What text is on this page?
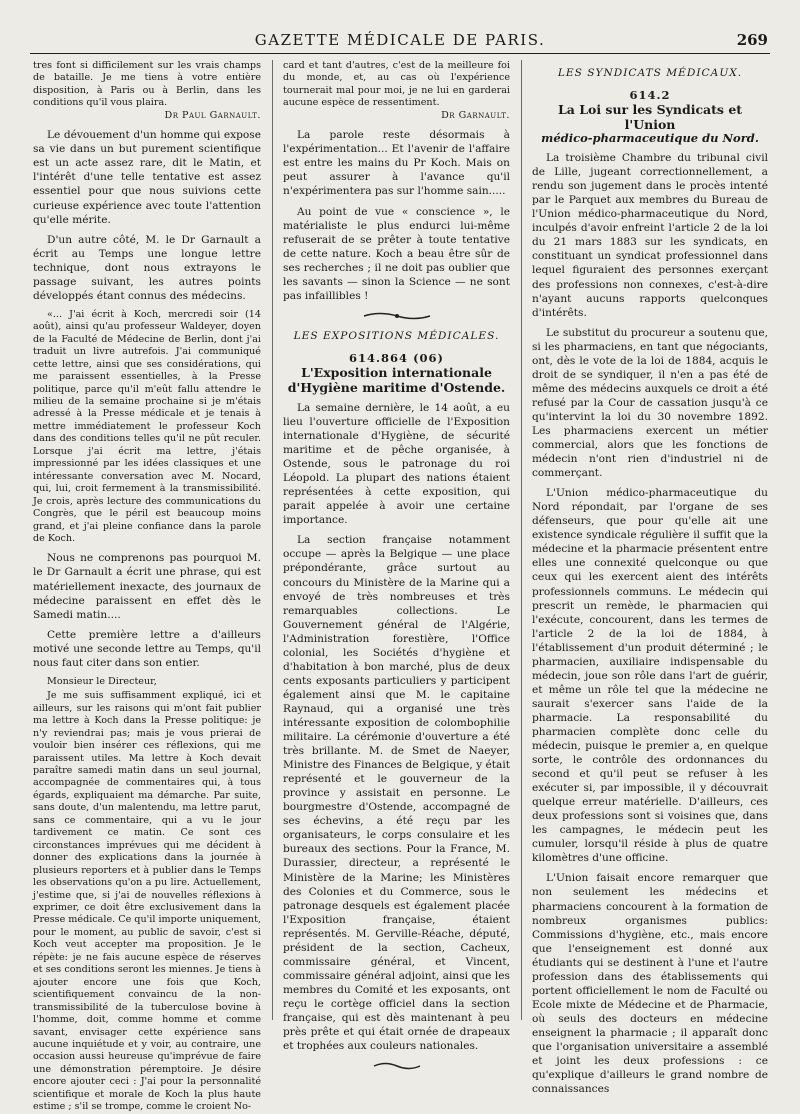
GAZETTE MÉDICALE DE PARIS.	269

tres font si difficilement sur les vrais champs de bataille. Je me tiens à votre entière disposition, à Paris ou à Berlin, dans les conditions qu'il vous plaira.

Dr Paul Garnault.

Le dévouement d'un homme qui expose sa vie dans un but purement scientifique est un acte assez rare, dit le Matin, et l'intérêt d'une telle tentative est assez essentiel pour que nous suivions cette curieuse expérience avec toute l'attention qu'elle mérite.

D'un autre côté, M. le Dr Garnault a écrit au Temps une longue lettre technique, dont nous extrayons le passage suivant, les autres points développés étant connus des médecins.

«... J'ai écrit à Koch, mercredi soir (14 août), ainsi qu'au professeur Waldeyer, doyen de la Faculté de Médecine de Berlin, dont j'ai traduit un livre autrefois. J'ai communiqué cette lettre, ainsi que ses considérations, qui me paraissent essentielles, à la Presse politique, parce qu'il m'eût fallu attendre le milieu de la semaine prochaine si je m'étais adressé à la Presse médicale et je tenais à mettre immédiatement le professeur Koch dans des conditions telles qu'il ne pût reculer. Lorsque j'ai écrit ma lettre, j'étais impressionné par les idées classiques et une intéressante conversation avec M. Nocard, qui, lui, croit fermement à la transmissibilité. Je crois, après lecture des communications du Congrès, que le péril est beaucoup moins grand, et j'ai pleine confiance dans la parole de Koch.

Nous ne comprenons pas pourquoi M. le Dr Garnault a écrit une phrase, qui est matériellement inexacte, des journaux de médecine paraissent en effet dès le Samedi matin....

Cette première lettre a d'ailleurs motivé une seconde lettre au Temps, qu'il nous faut citer dans son entier.

Monsieur le Directeur,

Je me suis suffisamment expliqué, ici et ailleurs, sur les raisons qui m'ont fait publier ma lettre à Koch dans la Presse politique: je n'y reviendrai pas; mais je vous prierai de vouloir bien insérer ces réflexions, qui me paraissent utiles. Ma lettre à Koch devait paraître samedi matin dans un seul journal, accompagnée de commentaires qui, à tous égards, expliquaient ma démarche. Par suite, sans doute, d'un malentendu, ma lettre parut, sans ce commentaire, qui a vu le jour tardivement ce matin. Ce sont ces circonstances imprévues qui me décident à donner des explications dans la journée à plusieurs reporters et à publier dans le Temps les observations qu'on a pu lire. Actuellement, j'estime que, si j'ai de nouvelles réflexions à exprimer, ce doit être exclusivement dans la Presse médicale. Ce qu'il importe uniquement, pour le moment, au public de savoir, c'est si Koch veut accepter ma proposition. Je le répète: je ne fais aucune espèce de réserves et ses conditions seront les miennes. Je tiens à ajouter encore une fois que Koch, scientifiquement convaincu de la non-transmissibilité de la tuberculose bovine à l'homme, doit, comme homme et comme savant, envisager cette expérience sans aucune inquiétude et y voir, au contraire, une occasion aussi heureuse qu'imprévue de faire une démonstration péremptoire. Je désire encore ajouter ceci : J'ai pour la personnalité scientifique et morale de Koch la plus haute estime ; s'il se trompe, comme le croient No-

card et tant d'autres, c'est de la meilleure foi du monde, et, au cas où l'expérience tournerait mal pour moi, je ne lui en garderai aucune espèce de ressentiment.

Dr Garnault.

La parole reste désormais à l'expérimentation... Et l'avenir de l'affaire est entre les mains du Pr Koch. Mais on peut assurer à l'avance qu'il n'expérimentera pas sur l'homme sain.....

Au point de vue « conscience », le matérialiste le plus endurci lui-même refuserait de se prêter à toute tentative de cette nature. Koch a beau être sûr de ses recherches ; il ne doit pas oublier que les savants — sinon la Science — ne sont pas infaillibles !

LES EXPOSITIONS MÉDICALES.
614.864 (06)
L'Exposition internationale d'Hygiène maritime d'Ostende.

La semaine dernière, le 14 août, a eu lieu l'ouverture officielle de l'Exposition internationale d'Hygiène, de sécurité maritime et de pêche organisée, à Ostende, sous le patronage du roi Léopold. La plupart des nations étaient représentées à cette exposition, qui parait appelée à avoir une certaine importance.

La section française notamment occupe — après la Belgique — une place prépondérante, grâce surtout au concours du Ministère de la Marine qui a envoyé de très nombreuses et très remarquables collections. Le Gouvernement général de l'Algérie, l'Administration forestière, l'Office colonial, les Sociétés d'hygiène et d'habitation à bon marché, plus de deux cents exposants particuliers y participent également ainsi que M. le capitaine Raynaud, qui a organisé une très intéressante exposition de colombophilie militaire. La cérémonie d'ouverture a été très brillante. M. de Smet de Naeyer, Ministre des Finances de Belgique, y était représenté et le gouverneur de la province y assistait en personne. Le bourgmestre d'Ostende, accompagné de ses échevins, a été reçu par les organisateurs, le corps consulaire et les bureaux des sections. Pour la France, M. Durassier, directeur, a représenté le Ministère de la Marine; les Ministères des Colonies et du Commerce, sous le patronage desquels est également placée l'Exposition française, étaient représentés. M. Gerville-Réache, député, président de la section, Cacheux, commissaire général, et Vincent, commissaire général adjoint, ainsi que les membres du Comité et les exposants, ont reçu le cortège officiel dans la section française, qui est dès maintenant à peu près prête et qui était ornée de drapeaux et trophées aux couleurs nationales.

LES SYNDICATS MÉDICAUX.
614.2
La Loi sur les Syndicats et l'Union
médico-pharmaceutique du Nord.

La troisième Chambre du tribunal civil de Lille, jugeant correctionnellement, a rendu son jugement dans le procès intenté par le Parquet aux membres du Bureau de l'Union médico-pharmaceutique du Nord, inculpés d'avoir enfreint l'article 2 de la loi du 21 mars 1883 sur les syndicats, en constituant un syndicat professionnel dans lequel figuraient des personnes exerçant des professions non connexes, c'est-à-dire n'ayant aucuns rapports quelconques d'intérêts.

Le substitut du procureur a soutenu que, si les pharmaciens, en tant que négociants, ont, dès le vote de la loi de 1884, acquis le droit de se syndiquer, il n'en a pas été de même des médecins auxquels ce droit a été refusé par la Cour de cassation jusqu'à ce qu'intervint la loi du 30 novembre 1892. Les pharmaciens exercent un métier commercial, alors que les fonctions de médecin n'ont rien d'industriel ni de commerçant.

L'Union médico-pharmaceutique du Nord répondait, par l'organe de ses défenseurs, que pour qu'elle ait une existence syndicale régulière il suffit que la médecine et la pharmacie présentent entre elles une connexité quelconque ou que ceux qui les exercent aient des intérêts professionnels communs. Le médecin qui prescrit un remède, le pharmacien qui l'exécute, concourent, dans les termes de l'article 2 de la loi de 1884, à l'établissement d'un produit déterminé ; le pharmacien, auxiliaire indispensable du médecin, joue son rôle dans l'art de guérir, et même un rôle tel que la médecine ne saurait s'exercer sans l'aide de la pharmacie. La responsabilité du pharmacien complète donc celle du médecin, puisque le premier a, en quelque sorte, le contrôle des ordonnances du second et qu'il peut se refuser à les exécuter si, par impossible, il y découvrait quelque erreur matérielle. D'ailleurs, ces deux professions sont si voisines que, dans les campagnes, le médecin peut les cumuler, lorsqu'il réside à plus de quatre kilomètres d'une officine.

L'Union faisait encore remarquer que non seulement les médecins et pharmaciens concourent à la formation de nombreux organismes publics: Commissions d'hygiène, etc., mais encore que l'enseignement est donné aux étudiants qui se destinent à l'une et l'autre profession dans des établissements qui portent officiellement le nom de Faculté ou Ecole mixte de Médecine et de Pharmacie, où seuls des docteurs en médecine enseignent la pharmacie ; il apparaît donc que l'organisation universitaire a assemblé et joint les deux professions : ce qu'explique d'ailleurs le grand nombre de connaissances
